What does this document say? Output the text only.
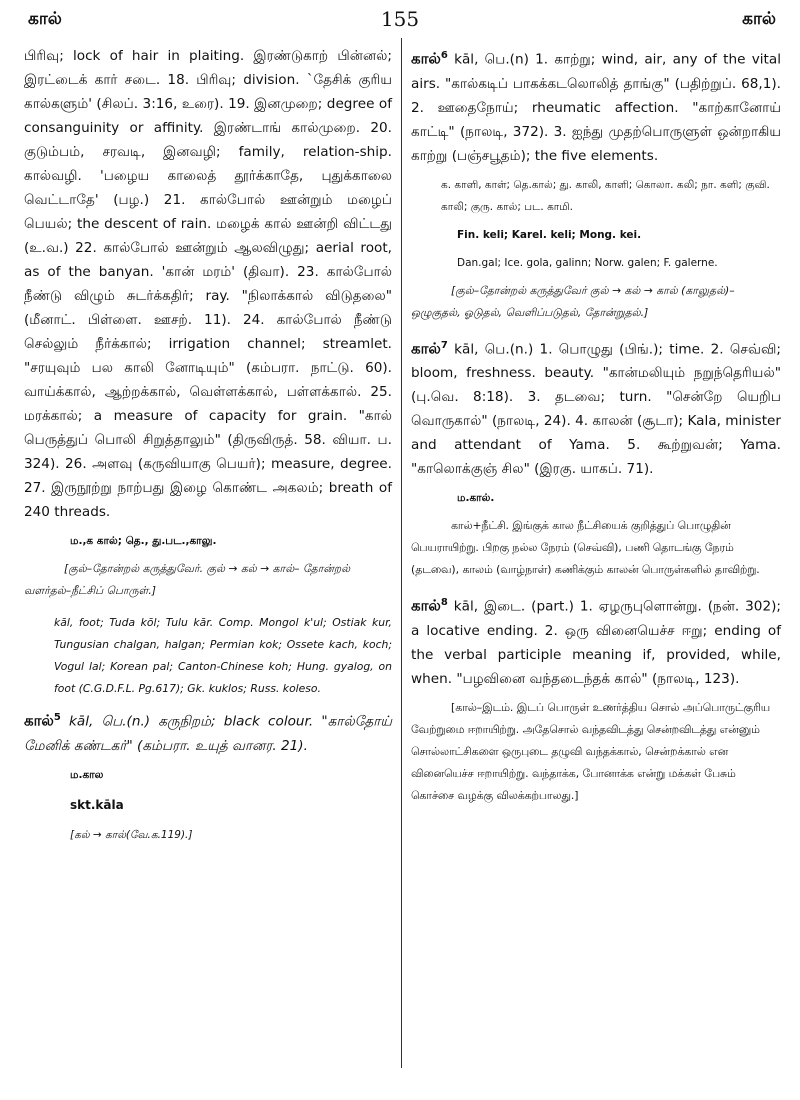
கால்	155	கால்

பிரிவு; lock of hair in plaiting. இரண்டுகாற் பின்னல்; இரட்டைக் கார் சடை. 18. பிரிவு; division. `தேசிக் குரிய கால்களும்' (சிலப். 3:16, உரை). 19. இனமுறை; degree of consanguinity or affinity. இரண்டாங் கால்முறை. 20. குடும்பம், சரவடி, இனவழி; family, relation-ship. கால்வழி. 'பழைய காலைத் தூர்க்காதே, புதுக்காலை வெட்டாதே' (பழ.) 21. கால்போல் ஊன்றும் மழைப் பெயல்; the descent of rain. மழைக் கால் ஊன்றி விட்டது (உ.வ.) 22. கால்போல் ஊன்றும் ஆலவிழுது; aerial root, as of the banyan. 'கான் மரம்' (திவா). 23. கால்போல் நீண்டு விழும் சுடர்க்கதிர்; ray. "நிலாக்கால் விடுதலை" (மீனாட். பிள்ளை. ஊசற். 11). 24. கால்போல் நீண்டு செல்லும் நீர்க்கால்; irrigation channel; streamlet. "சரயுவும் பல காலி னோடியும்" (கம்பரா. நாட்டு. 60). வாய்க்கால், ஆற்றக்கால், வெள்ளக்கால், பள்ளக்கால். 25. மரக்கால்; a measure of capacity for grain. "கால் பெருத்துப் பொலி சிறுத்தாலும்" (திருவிருத். 58. வியா. ப. 324). 26. அளவு (கருவியாகு பெயர்); measure, degree. 27. இருநூற்று நாற்பது இழை கொண்ட அகலம்; breath of 240 threads.

ம.,க கால்; தெ., து.பட.,காலு.

[குல்–தோன்றல் கருத்துவேர். குல் → கல் → கால்– தோன்றல் வளர்தல்–நீட்சிப் பொருள்.]

kāl, foot; Tuda kōl; Tulu kār. Comp. Mongol k'ul; Ostiak kur, Tungusian chalgan, halgan; Permian kok; Ossete kach, koch; Vogul lal; Korean pal; Canton-Chinese koh; Hung. gyalog, on foot (C.G.D.F.L. Pg.617); Gk. kuklos; Russ. koleso.

கால்$^5$ kāl, பெ.(n.) கருநிறம்; black colour. "கால்தோய் மேனிக் கண்டகர்" (கம்பரா. உயுத் வானர. 21).

ம.கால

skt.kāla

[கல் → கால்(வே.க.119).]

கால்$^6$ kāl, பெ.(n) 1. காற்று; wind, air, any of the vital airs. "கால்கடிப் பாகக்கடலொலித் தாங்கு" (பதிற்றுப். 68,1). 2. ஊதைநோய்; rheumatic affection. "காற்கானோய் காட்டி" (நாலடி, 372). 3. ஐந்து முதற்பொருளுள் ஒன்றாகிய காற்று (பஞ்சபூதம்); the five elements.

க. காளி, காள்; தெ.கால்; து. காலி, காளி; கொலா. கலி; நா. களி; குவி. காலி; குரு. கால்; பட. காமி.

Fin. keli; Karel. keli; Mong. kei.

Dan.gal; Ice. gola, galinn; Norw. galen; F. galerne.

[குல்–தோன்றல் கருத்துவேர் குல் → கல் → கால் (காலுதல்)–ஒழுகுதல், ஓடுதல், வெளிப்படுதல், தோன்றுதல்.]

கால்$^7$ kāl, பெ.(n.) 1. பொழுது (பிங்.); time. 2. செவ்வி; bloom, freshness. beauty. "கான்மலியும் நறுந்தெரியல்" (பு.வெ. 8:18). 3. தடவை; turn. "சென்றே யெறிப வொருகால்" (நாலடி, 24). 4. காலன் (சூடா); Kala, minister and attendant of Yama. 5. கூற்றுவன்; Yama. "காலொக்குஞ் சில" (இரகு. யாகப். 71).

ம.கால்.

கால்+நீட்சி. இங்குக் கால நீட்சியைக் குறித்துப் பொழுதின் பெயராயிற்று. பிறகு நல்ல நேரம் (செவ்வி), பணி தொடங்கு நேரம் (தடவை), காலம் (வாழ்நாள்) கணிக்கும் காலன் பொருள்களில் தாவிற்று.

கால்$^8$ kāl, இடை. (part.) 1. ஏழருபுளொன்று. (நன். 302); a locative ending. 2. ஒரு வினையெச்ச ஈறு; ending of the verbal participle meaning if, provided, while, when. "பழவினை வந்தடைந்தக் கால்" (நாலடி, 123).

[கால்–இடம். இடப் பொருள் உணர்த்திய சொல் அப்பொருட்குரிய வேற்றுமை ஈறாயிற்று. அதேசொல் வந்தவிடத்து சென்றவிடத்து என்னும் சொல்லாட்சிகளை ஒருபுடை தழுவி வந்தக்கால், சென்றக்கால் என வினையெச்ச ஈறாயிற்று. வந்தாக்க, போனாக்க என்று மக்கள் பேசும் கொச்சை வழக்கு விலக்கற்பாலது.]
